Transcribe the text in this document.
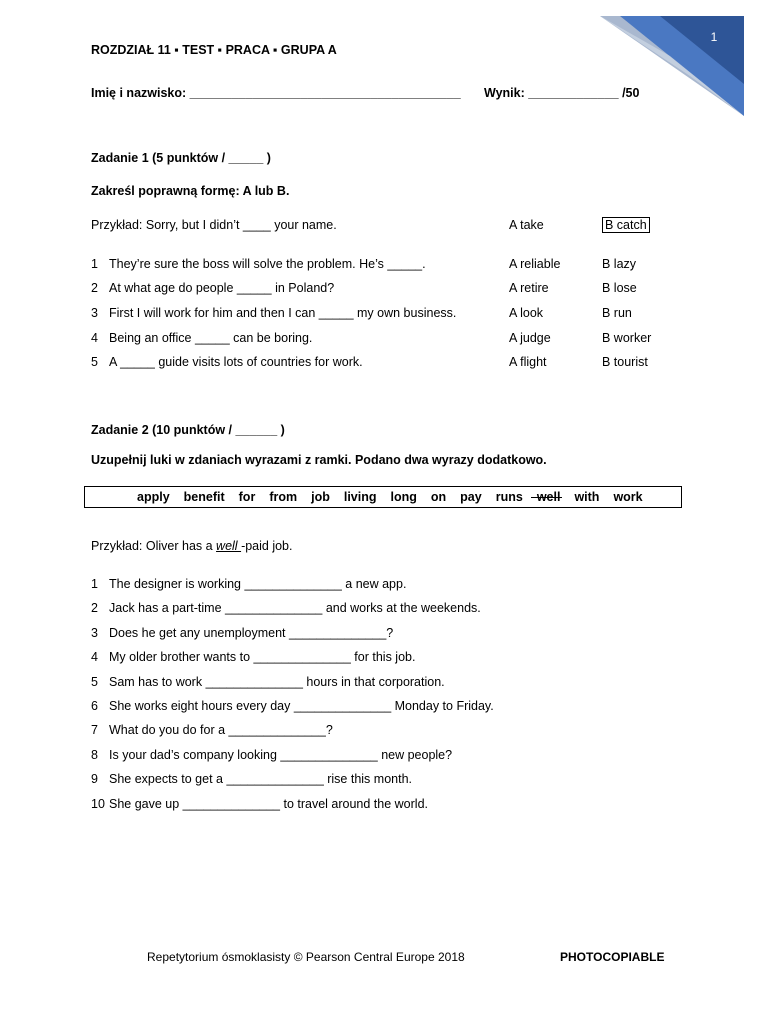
1
ROZDZIAŁ 11 ▪ TEST ▪ PRACA ▪ GRUPA A
Imię i nazwisko: _______________________________________ Wynik: _____________ /50
Zadanie 1 (5 punktów / _____ )
Zakreśl poprawną formę: A lub B.
Przykład: Sorry, but I didn’t ____ your name.	A take	B catch
1 They’re sure the boss will solve the problem. He’s _____.	A reliable	B lazy
2 At what age do people _____ in Poland?	A retire	B lose
3 First I will work for him and then I can _____ my own business.	A look	B run
4 Being an office _____ can be boring.	A judge	B worker
5 A _____ guide visits lots of countries for work.	A flight	B tourist
Zadanie 2 (10 punktów / ______ )
Uzupełnij luki w zdaniach wyrazami z ramki. Podano dwa wyrazy dodatkowo.
apply benefit for from job living long on pay runs well with work
Przykład: Oliver has a well -paid job.
1 The designer is working ______________ a new app.
2 Jack has a part-time ______________ and works at the weekends.
3 Does he get any unemployment ______________?
4 My older brother wants to ______________ for this job.
5 Sam has to work ______________ hours in that corporation.
6 She works eight hours every day ______________ Monday to Friday.
7 What do you do for a ______________?
8 Is your dad’s company looking ______________ new people?
9 She expects to get a ______________ rise this month.
10 She gave up ______________ to travel around the world.
Repetytorium ósmoklasisty © Pearson Central Europe 2018	PHOTOCOPIABLE
